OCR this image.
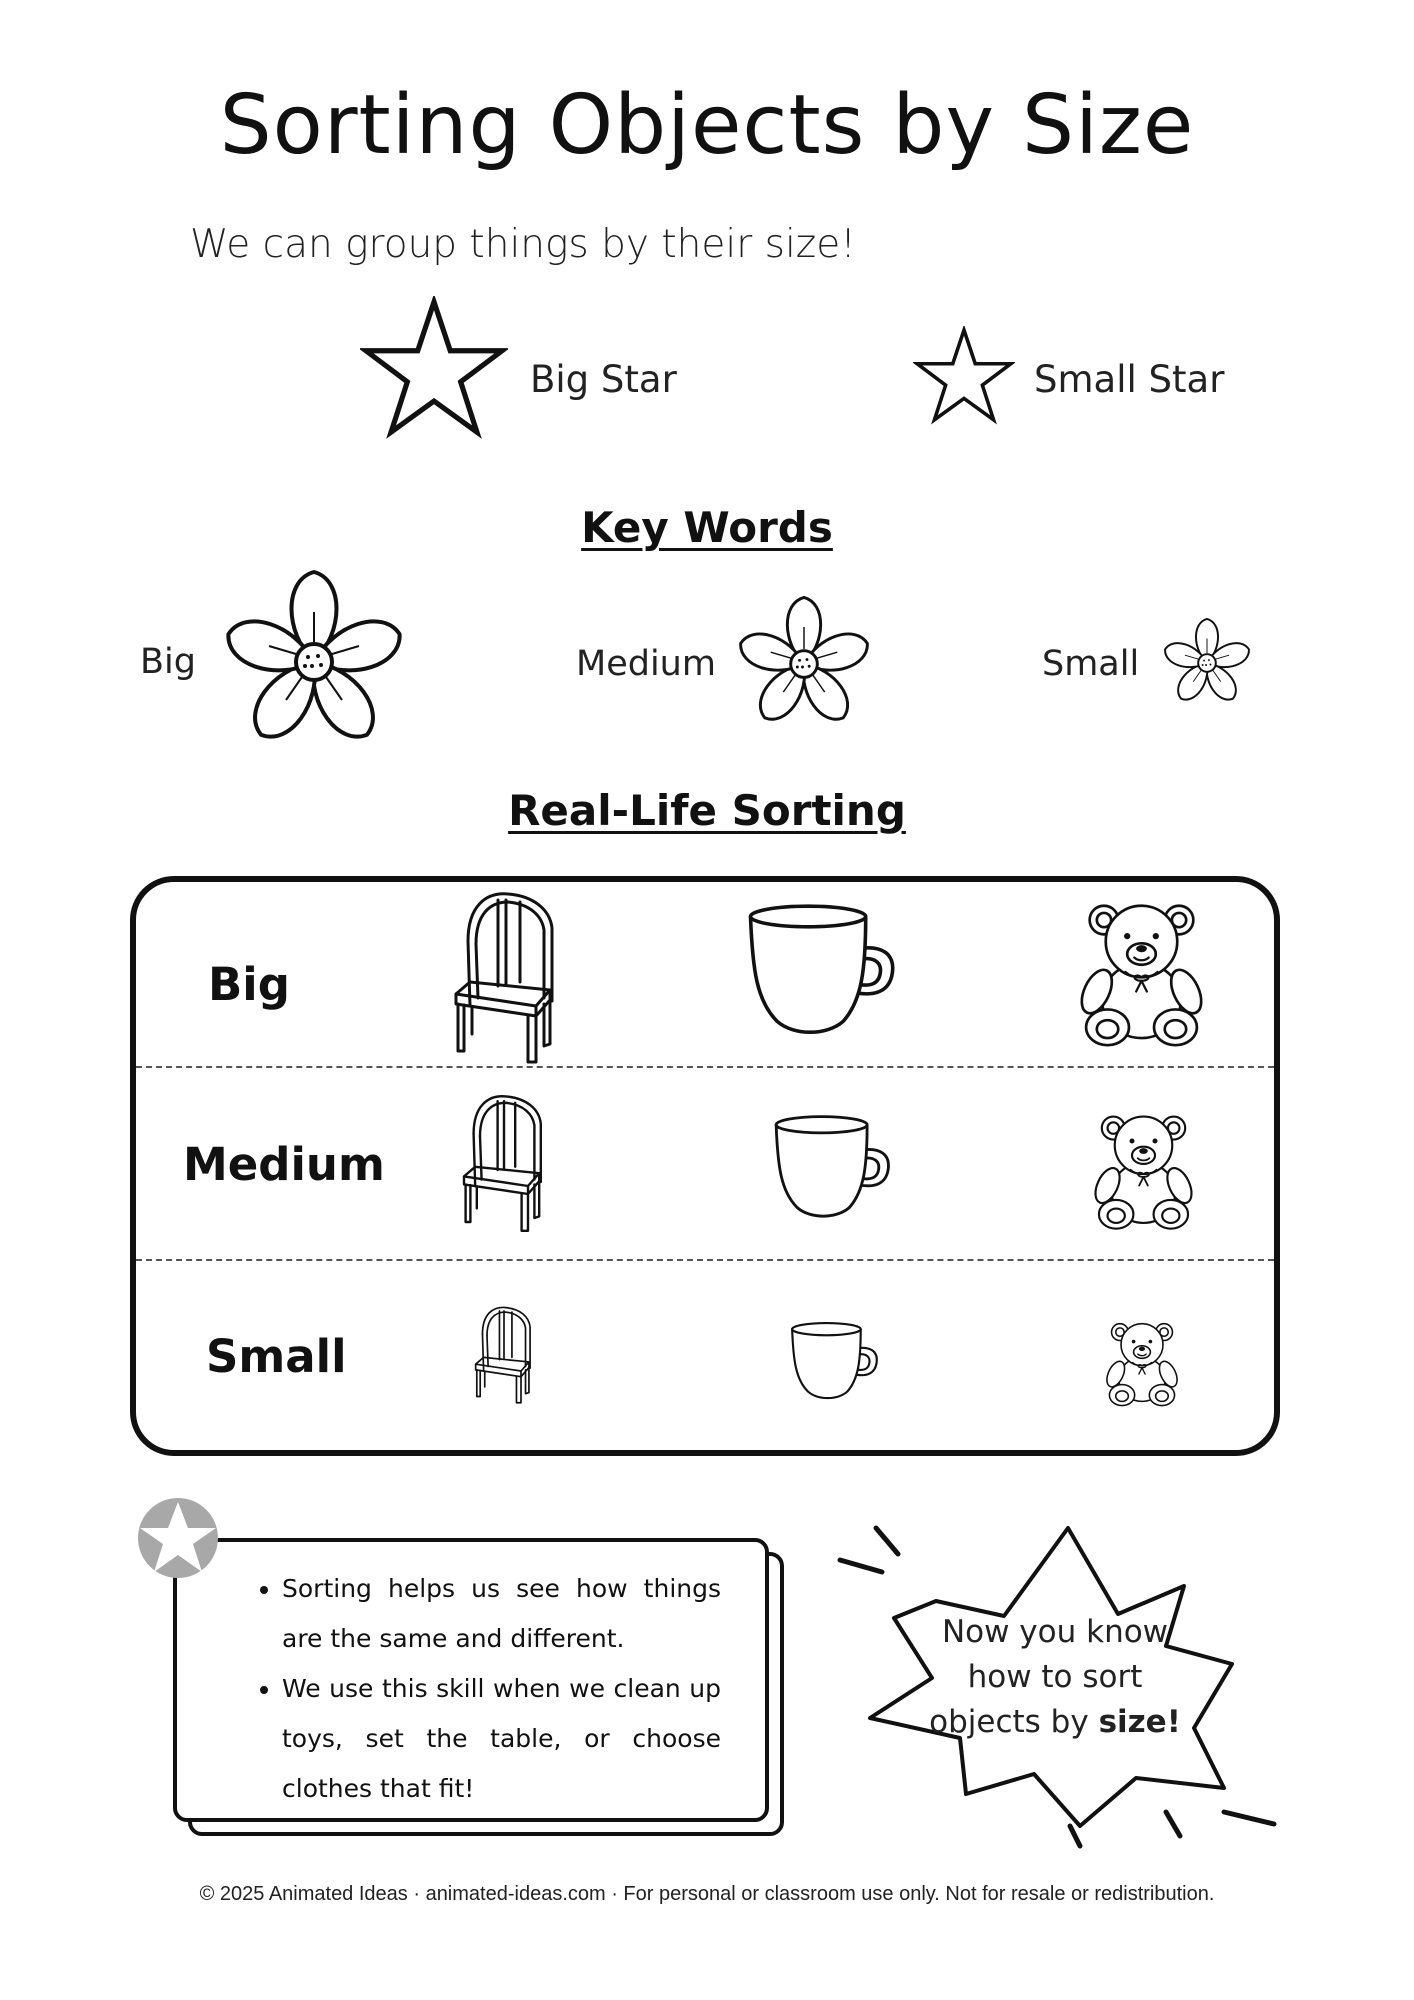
Sorting Objects by Size
We can group things by their size!
Big Star	Small Star
Key Words
Big	Medium	Small
Real-Life Sorting
Big
Medium
Small
• Sorting helps us see how things are the same and different.
• We use this skill when we clean up toys, set the table, or choose clothes that fit!
Now you know
how to sort
objects by size!
© 2025 Animated Ideas · animated-ideas.com · For personal or classroom use only. Not for resale or redistribution.
